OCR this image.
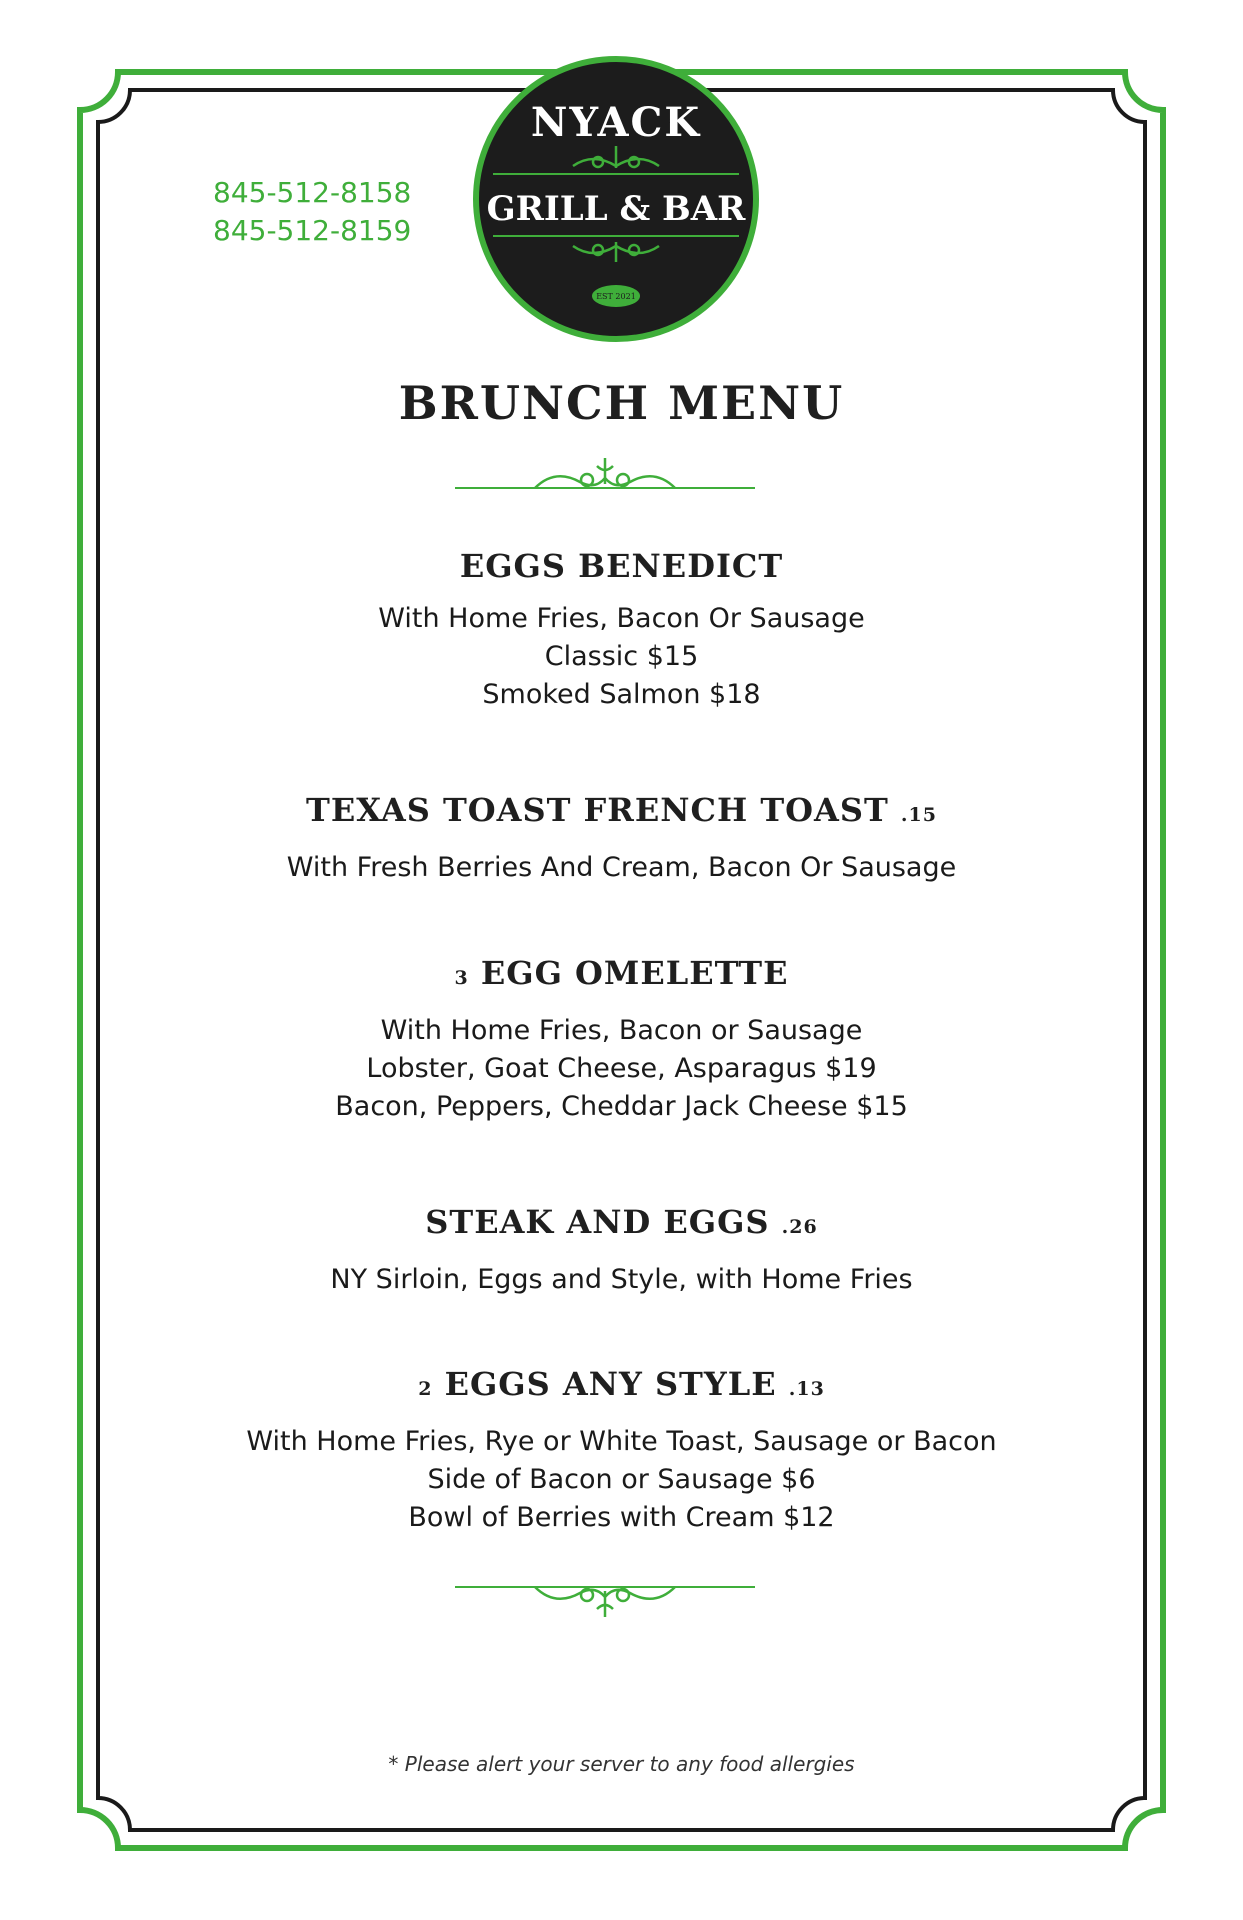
845-512-8158
845-512-8159
NYACK
GRILL & BAR
EST 2021
BRUNCH MENU
EGGS BENEDICT

With Home Fries, Bacon Or Sausage

Classic $15

Smoked Salmon $18

TEXAS TOAST FRENCH TOAST .15

With Fresh Berries And Cream, Bacon Or Sausage

3 EGG OMELETTE

With Home Fries, Bacon or Sausage

Lobster, Goat Cheese, Asparagus $19

Bacon, Peppers, Cheddar Jack Cheese $15

STEAK AND EGGS .26

NY Sirloin, Eggs and Style, with Home Fries

2 EGGS ANY STYLE .13

With Home Fries, Rye or White Toast, Sausage or Bacon

Side of Bacon or Sausage $6

Bowl of Berries with Cream $12

* Please alert your server to any food allergies
